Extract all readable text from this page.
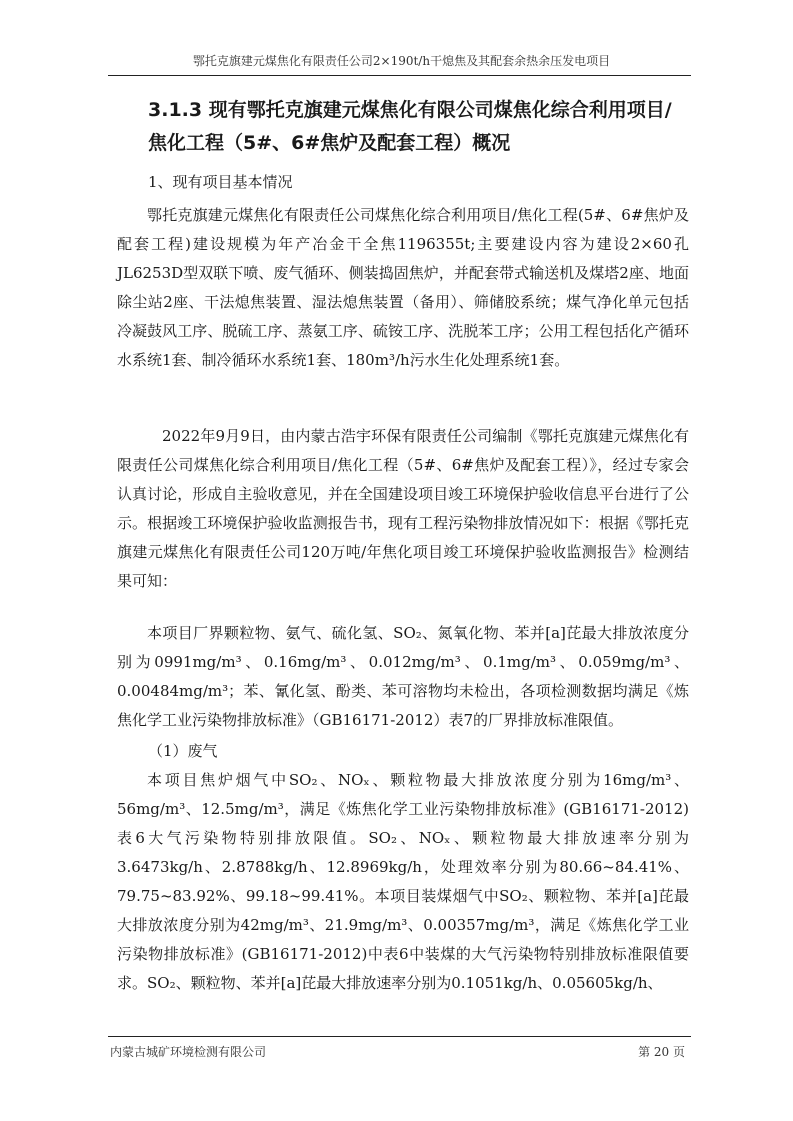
鄂托克旗建元煤焦化有限责任公司2×190t/h干熄焦及其配套余热余压发电项目
3.1.3 现有鄂托克旗建元煤焦化有限公司煤焦化综合利用项目/焦化工程（5#、6#焦炉及配套工程）概况

1、现有项目基本情况

鄂托克旗建元煤焦化有限责任公司煤焦化综合利用项目/焦化工程(5#、6#焦炉及配套工程)建设规模为年产冶金干全焦1196355t;主要建设内容为建设2×60孔JL6253D型双联下喷、废气循环、侧装捣固焦炉，并配套带式输送机及煤塔2座、地面除尘站2座、干法熄焦装置、湿法熄焦装置（备用）、筛储胶系统；煤气净化单元包括冷凝鼓风工序、脱硫工序、蒸氨工序、硫铵工序、洗脱苯工序；公用工程包括化产循环水系统1套、制冷循环水系统1套、180m³/h污水生化处理系统1套。

2022年9月9日，由内蒙古浩宇环保有限责任公司编制《鄂托克旗建元煤焦化有限责任公司煤焦化综合利用项目/焦化工程（5#、6#焦炉及配套工程）》，经过专家会认真讨论，形成自主验收意见，并在全国建设项目竣工环境保护验收信息平台进行了公示。根据竣工环境保护验收监测报告书，现有工程污染物排放情况如下：根据《鄂托克旗建元煤焦化有限责任公司120万吨/年焦化项目竣工环境保护验收监测报告》检测结果可知：

本项目厂界颗粒物、氨气、硫化氢、SO₂、氮氧化物、苯并[a]芘最大排放浓度分别为0991mg/m³、0.16mg/m³、0.012mg/m³、0.1mg/m³、0.059mg/m³、0.00484mg/m³；苯、氰化氢、酚类、苯可溶物均未检出，各项检测数据均满足《炼焦化学工业污染物排放标准》（GB16171-2012）表7的厂界排放标准限值。

（1）废气

本项目焦炉烟气中SO₂、NOₓ、颗粒物最大排放浓度分别为16mg/m³、56mg/m³、12.5mg/m³，满足《炼焦化学工业污染物排放标准》(GB16171-2012)表6大气污染物特别排放限值。SO₂、NOₓ、颗粒物最大排放速率分别为3.6473kg/h、2.8788kg/h、12.8969kg/h，处理效率分别为80.66~84.41%、79.75~83.92%、99.18~99.41%。本项目装煤烟气中SO₂、颗粒物、苯并[a]芘最大排放浓度分别为42mg/m³、21.9mg/m³、0.00357mg/m³，满足《炼焦化学工业污染物排放标准》(GB16171-2012)中表6中装煤的大气污染物特别排放标准限值要求。SO₂、颗粒物、苯并[a]芘最大排放速率分别为0.1051kg/h、0.05605kg/h、

内蒙古城矿环境检测有限公司	第 20 页
